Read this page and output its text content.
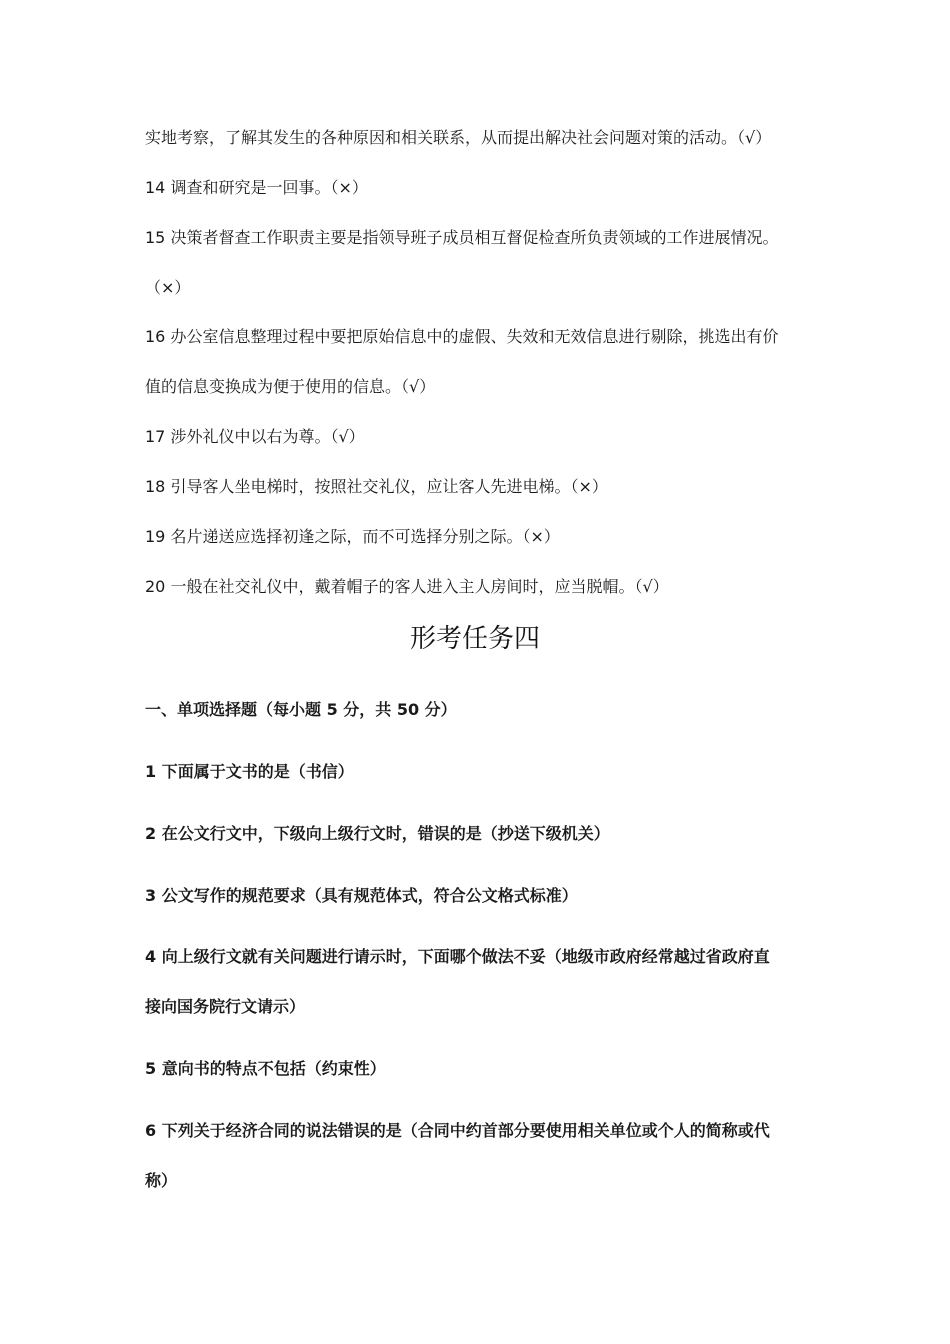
实地考察，了解其发生的各种原因和相关联系，从而提出解决社会问题对策的活动。（√）
14 调查和研究是一回事。（×）
15 决策者督查工作职责主要是指领导班子成员相互督促检查所负责领域的工作进展情况。
（×）
16 办公室信息整理过程中要把原始信息中的虚假、失效和无效信息进行剔除，挑选出有价
值的信息变换成为便于使用的信息。（√）
17 涉外礼仪中以右为尊。（√）
18 引导客人坐电梯时，按照社交礼仪，应让客人先进电梯。（×）
19 名片递送应选择初逢之际，而不可选择分别之际。（×）
20 一般在社交礼仪中，戴着帽子的客人进入主人房间时，应当脱帽。（√）
形考任务四
一、单项选择题（每小题 5 分，共 50 分）
1 下面属于文书的是（书信）
2 在公文行文中，下级向上级行文时，错误的是（抄送下级机关）
3 公文写作的规范要求（具有规范体式，符合公文格式标准）
4 向上级行文就有关问题进行请示时，下面哪个做法不妥（地级市政府经常越过省政府直
接向国务院行文请示）
5 意向书的特点不包括（约束性）
6 下列关于经济合同的说法错误的是（合同中约首部分要使用相关单位或个人的简称或代
称）
